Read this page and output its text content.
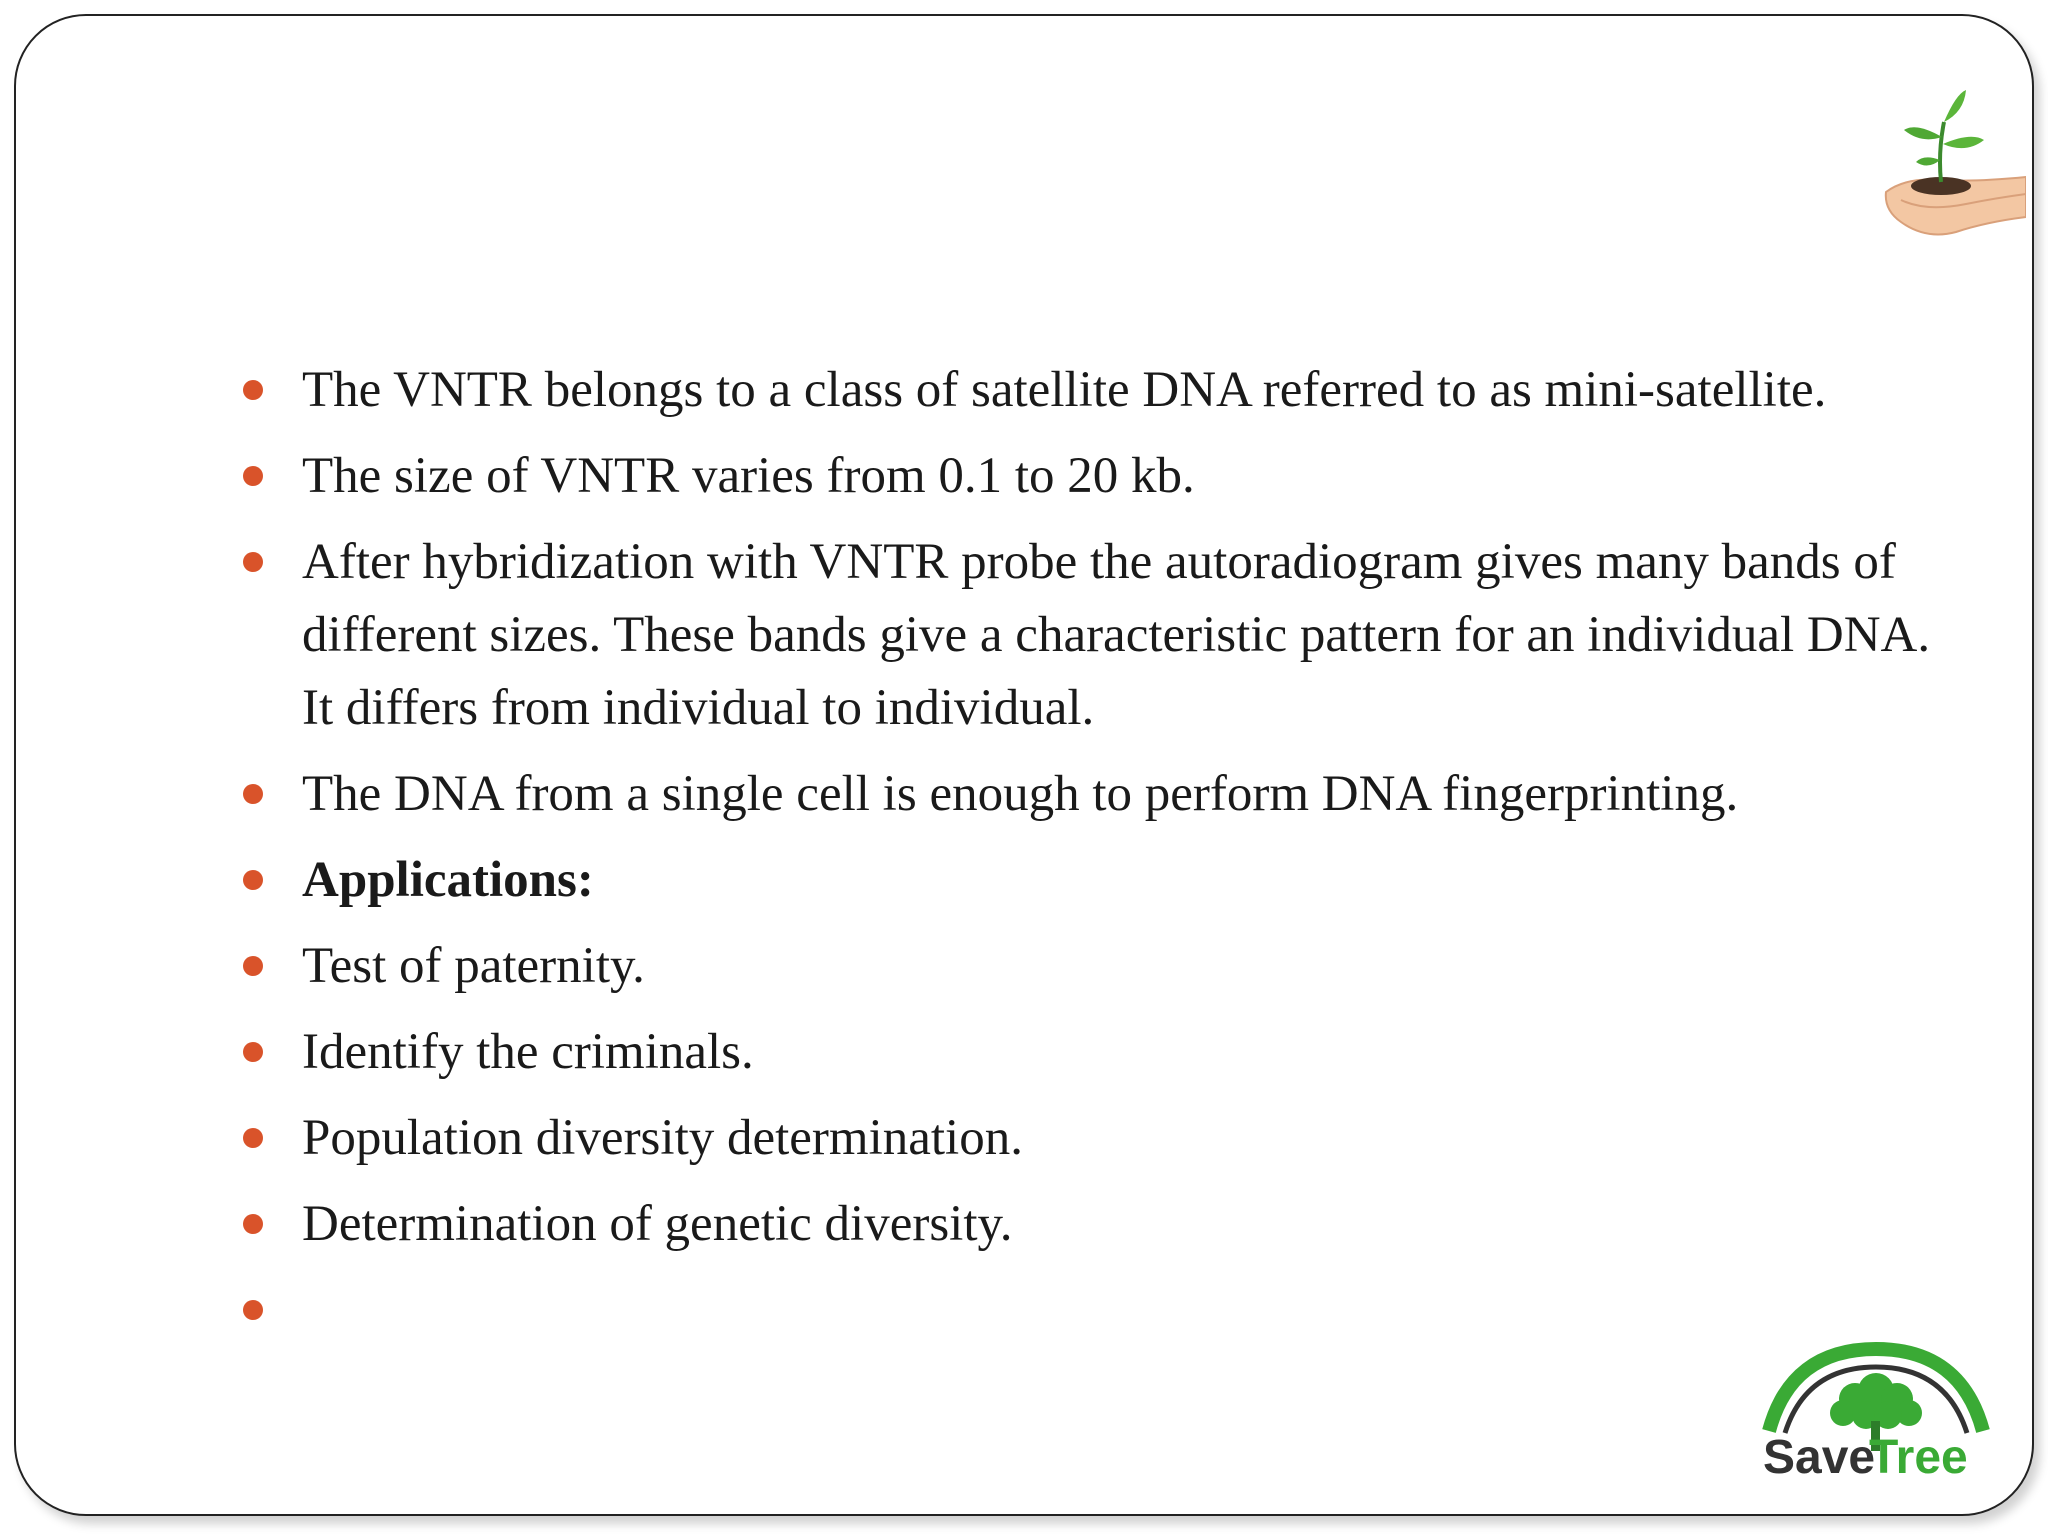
The VNTR belongs to a class of satellite DNA referred to as mini-satellite.
The size of VNTR varies from 0.1 to 20 kb.
After hybridization with VNTR probe the autoradiogram gives many bands of different sizes. These bands give a characteristic pattern for an individual DNA. It differs from individual to individual.
The DNA from a single cell is enough to perform DNA fingerprinting.
Applications:
Test of paternity.
Identify the criminals.
Population diversity determination.
Determination of genetic diversity.
Save
Tree
